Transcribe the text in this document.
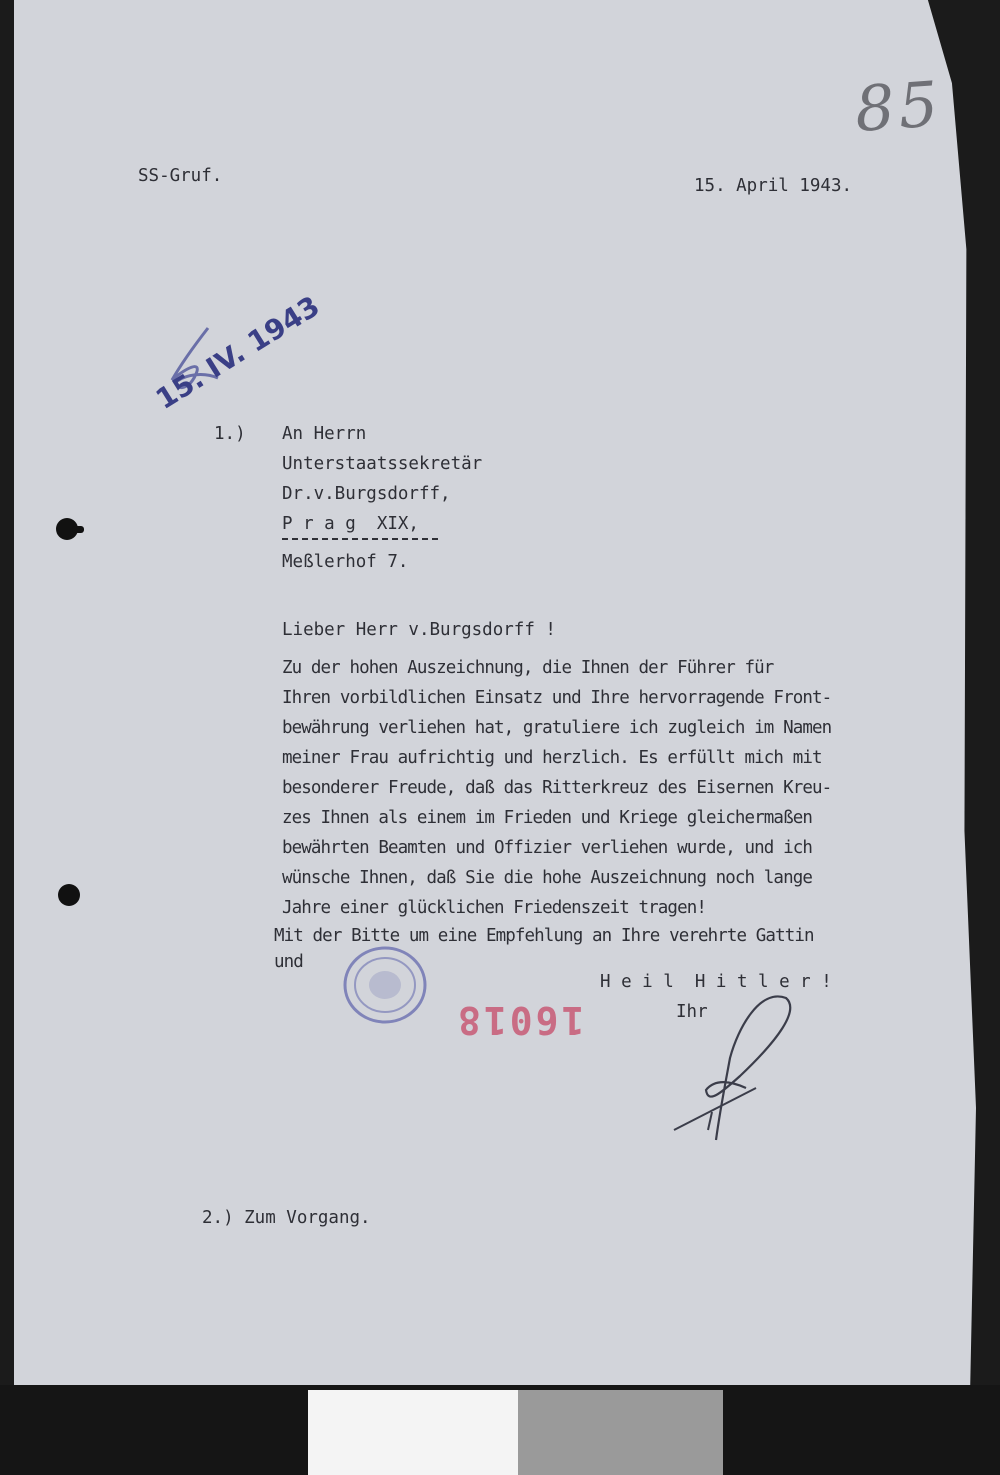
85
SS-Gruf.	15. April 1943.
15. IV. 1943
1.) An Herrn
Unterstaatssekretär
Dr.v.Burgsdorff,
P r a g  XIX,
Meßlerhof 7.
Lieber Herr v.Burgsdorff !
Zu der hohen Auszeichnung, die Ihnen der Führer für
Ihren vorbildlichen Einsatz und Ihre hervorragende Front-
bewährung verliehen hat, gratuliere ich zugleich im Namen
meiner Frau aufrichtig und herzlich. Es erfüllt mich mit
besonderer Freude, daß das Ritterkreuz des Eisernen Kreu-
zes Ihnen als einem im Frieden und Kriege gleichermaßen
bewährten Beamten und Offizier verliehen wurde, und ich
wünsche Ihnen, daß Sie die hohe Auszeichnung noch lange
Jahre einer glücklichen Friedenszeit tragen!
Mit der Bitte um eine Empfehlung an Ihre verehrte Gattin
und
H e i l  H i t l e r !
Ihr
16018
2.) Zum Vorgang.
